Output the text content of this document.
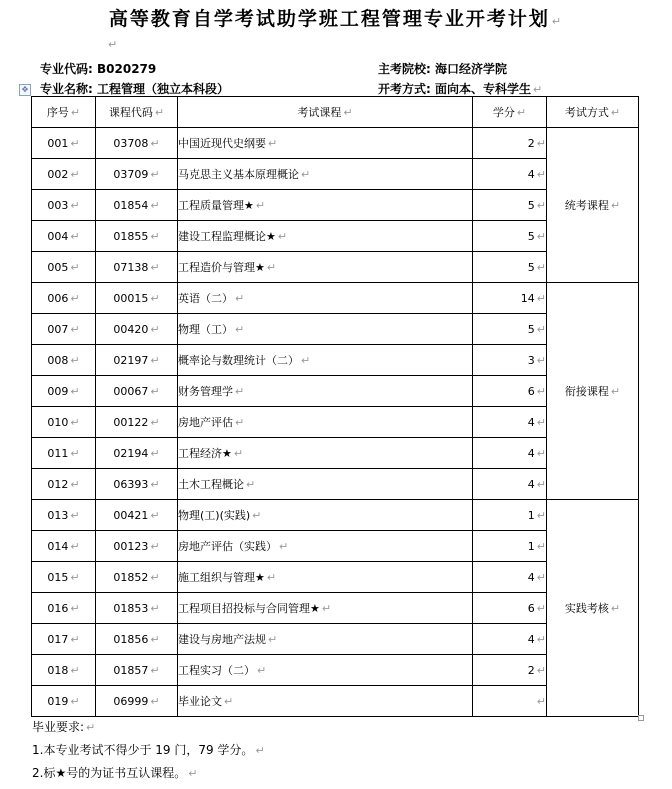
高等教育自学考试助学班工程管理专业开考计划 ↵
↵
专业代码: B020279	主考院校: 海口经济学院
专业名称: 工程管理（独立本科段）	开考方式: 面向本、专科学生 ↵
✥
序号 ↵	课程代码 ↵	考试课程 ↵	学分 ↵	考试方式 ↵
001 ↵	03708 ↵	中国近现代史纲要 ↵	2 ↵	统考课程 ↵
002 ↵	03709 ↵	马克思主义基本原理概论 ↵	4 ↵	
003 ↵	01854 ↵	工程质量管理★ ↵	5 ↵	
004 ↵	01855 ↵	建设工程监理概论★ ↵	5 ↵	
005 ↵	07138 ↵	工程造价与管理★ ↵	5 ↵	
006 ↵	00015 ↵	英语（二） ↵	14 ↵	衔接课程 ↵
007 ↵	00420 ↵	物理（工） ↵	5 ↵	
008 ↵	02197 ↵	概率论与数理统计（二） ↵	3 ↵	
009 ↵	00067 ↵	财务管理学 ↵	6 ↵	
010 ↵	00122 ↵	房地产评估 ↵	4 ↵	
011 ↵	02194 ↵	工程经济★ ↵	4 ↵	
012 ↵	06393 ↵	土木工程概论 ↵	4 ↵	
013 ↵	00421 ↵	物理(工)(实践) ↵	1 ↵	实践考核 ↵
014 ↵	00123 ↵	房地产评估（实践） ↵	1 ↵	
015 ↵	01852 ↵	施工组织与管理★ ↵	4 ↵	
016 ↵	01853 ↵	工程项目招投标与合同管理★ ↵	6 ↵	
017 ↵	01856 ↵	建设与房地产法规 ↵	4 ↵	
018 ↵	01857 ↵	工程实习（二） ↵	2 ↵	
019 ↵	06999 ↵	毕业论文 ↵	↵	
毕业要求: ↵
1.本专业考试不得少于 19 门，79 学分。 ↵
2.标★号的为证书互认课程。 ↵
